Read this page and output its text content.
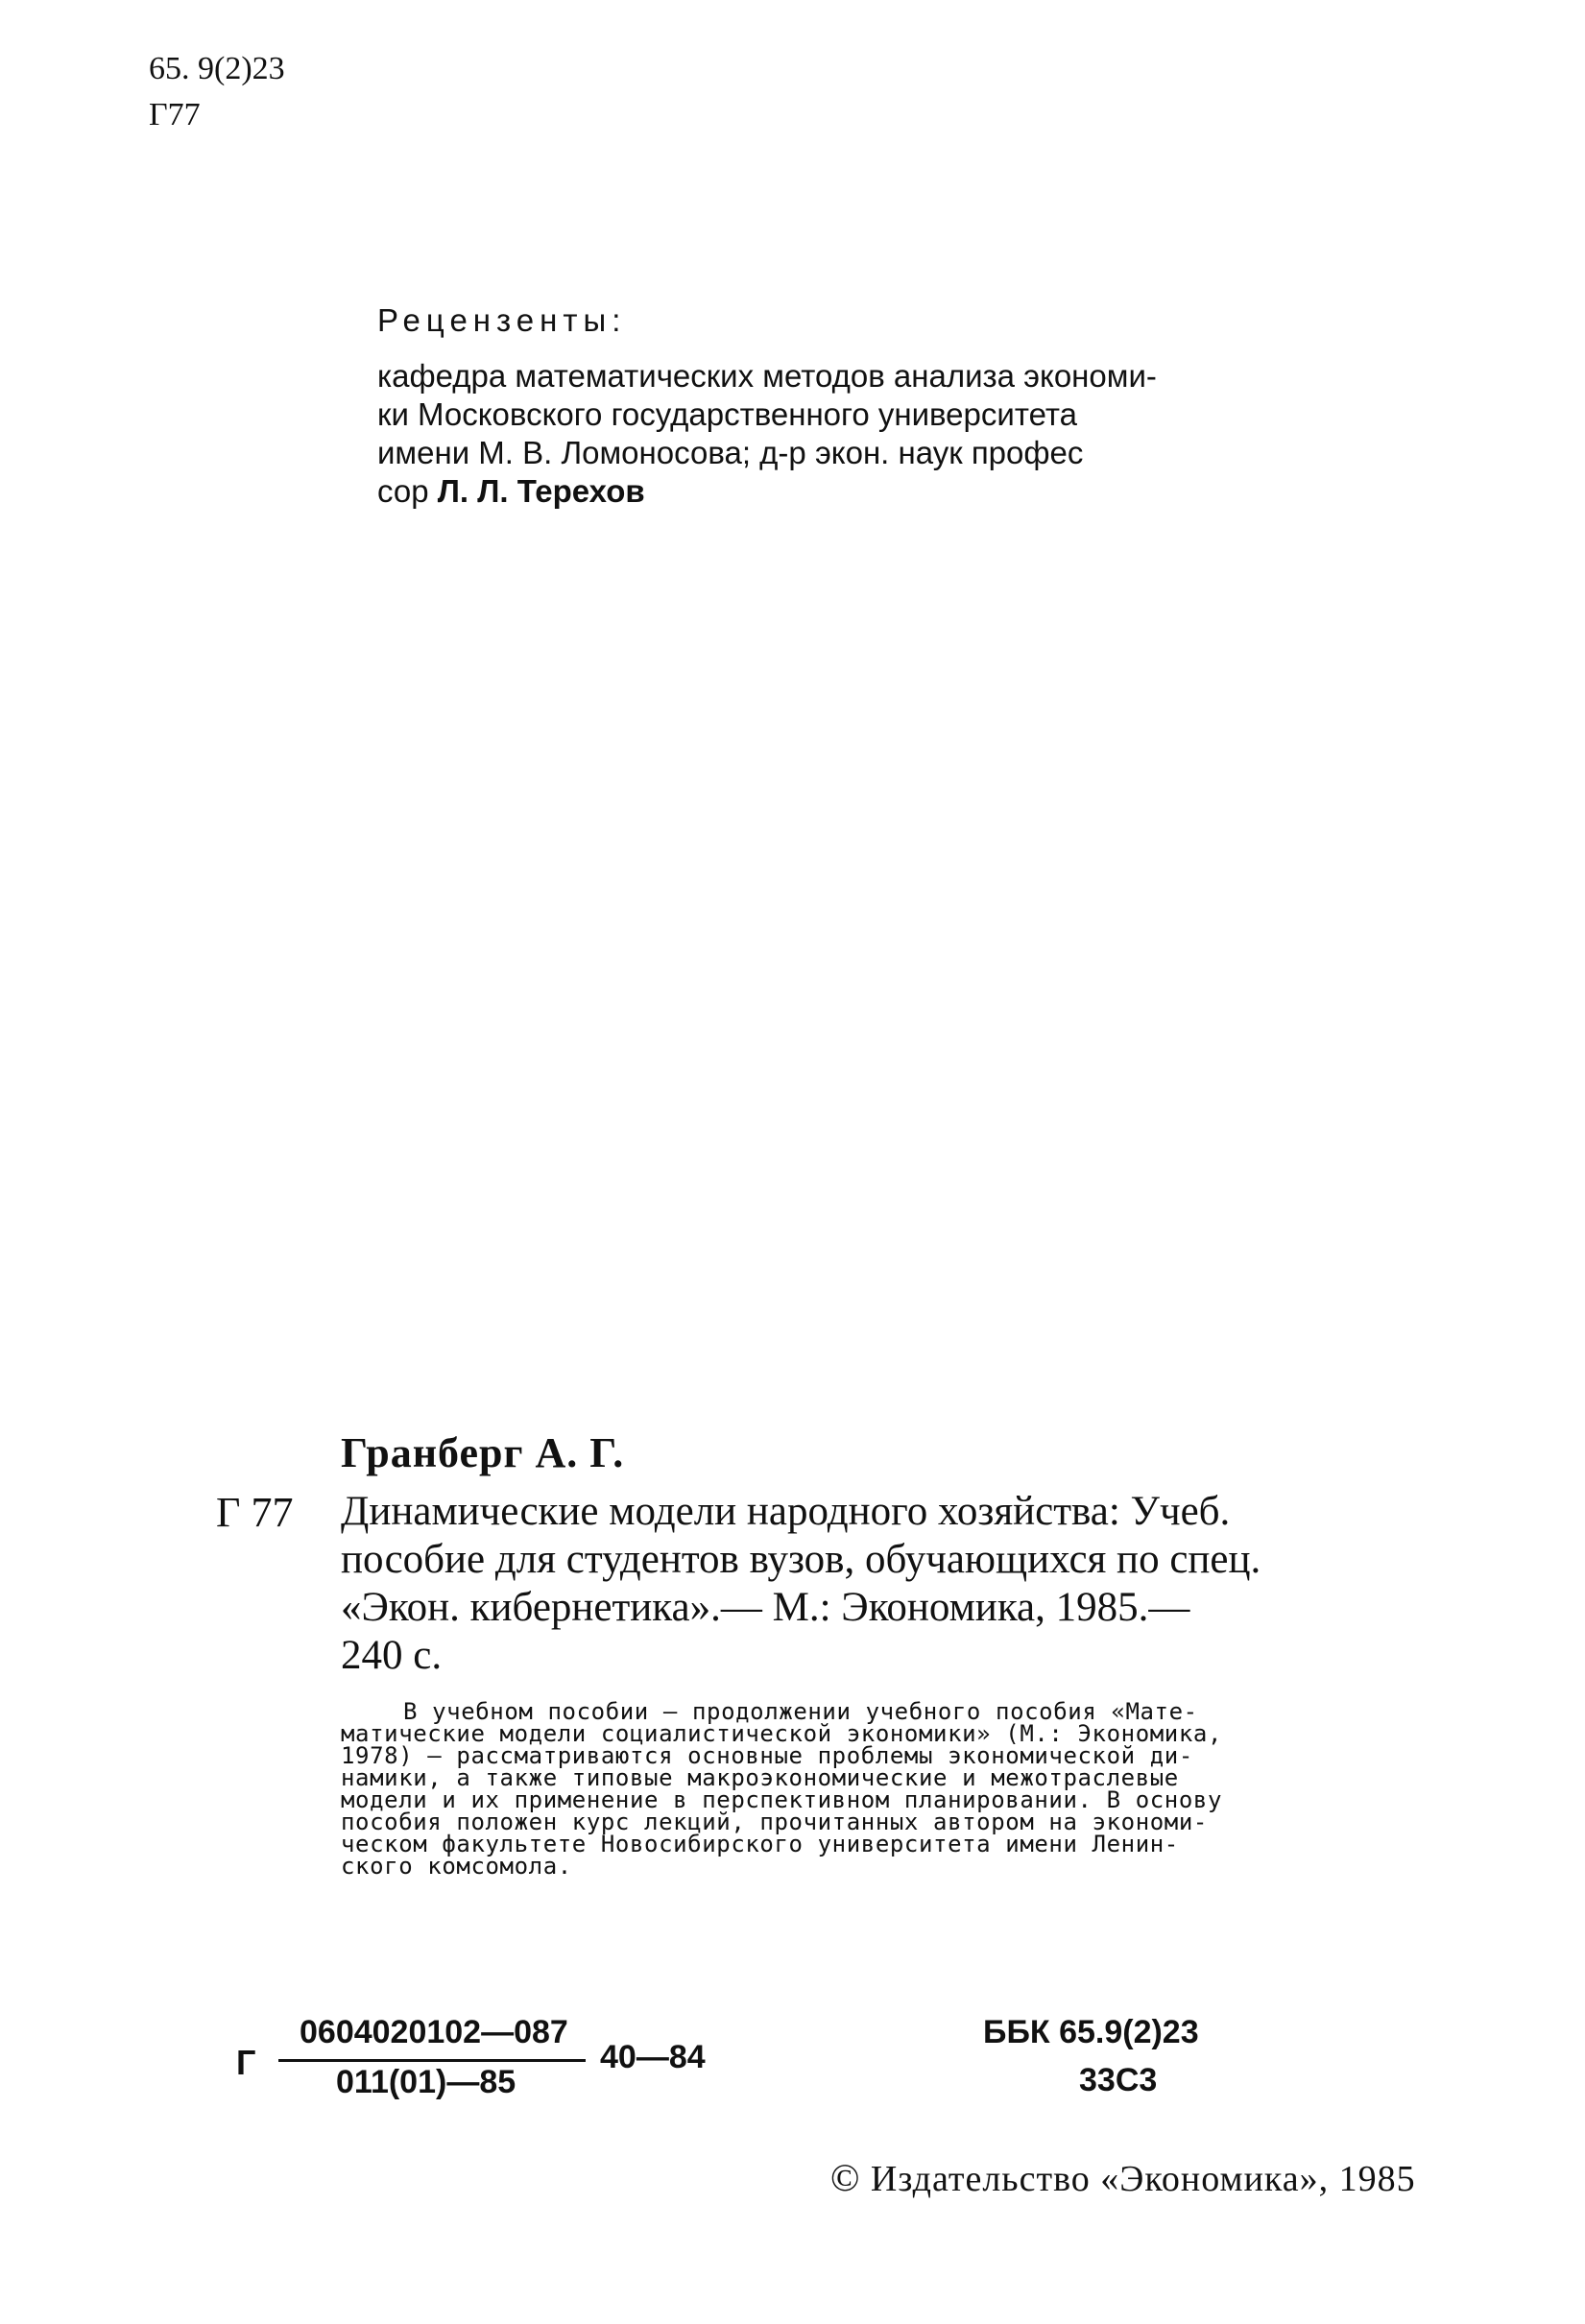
65. 9(2)23
Г77
Рецензенты:
кафедра математических методов анализа экономи-
ки Московского государственного университета
имени М. В. Ломоносова; д-р экон. наук профес
сор Л. Л. Терехов
Гранберг А. Г.
Г 77 Динамические модели народного хозяйства: Учеб.
пособие для студентов вузов, обучающихся по спец.
«Экон. кибернетика».— М.: Экономика, 1985.—
240 с.
В учебном пособии — продолжении учебного пособия «Мате-
матические модели социалистической экономики» (М.: Экономика,
1978) — рассматриваются основные проблемы экономической ди-
намики, а также типовые макроэкономические и межотраслевые
модели и их применение в перспективном планировании. В основу
пособия положен курс лекций, прочитанных автором на экономи-
ческом факультете Новосибирского университета имени Ленин-
ского комсомола.
Г
0604020102—087
011(01)—85
40—84
ББК 65.9(2)23
33С3
© Издательство «Экономика», 1985
